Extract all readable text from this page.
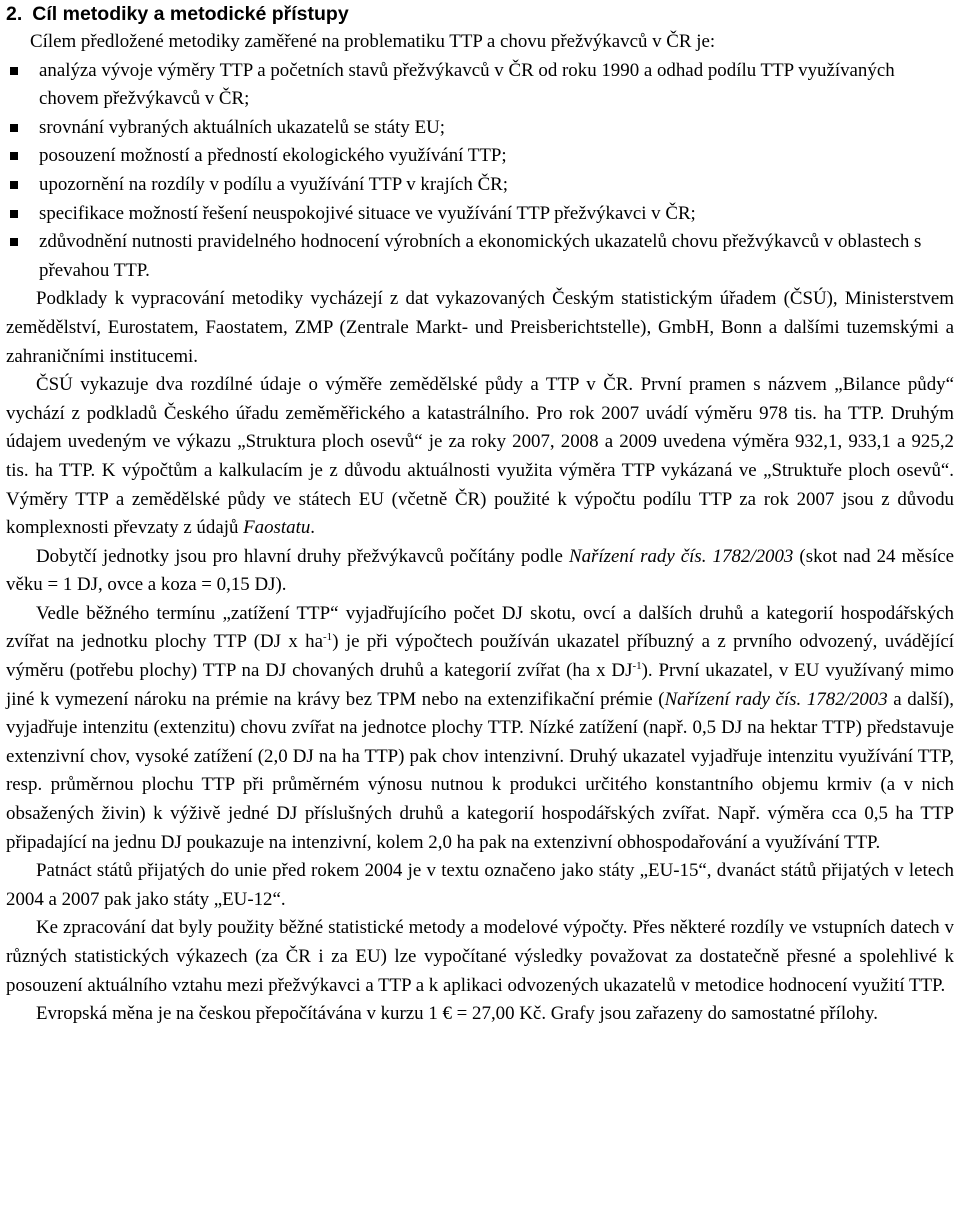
2. Cíl metodiky a metodické přístupy

Cílem předložené metodiky zaměřené na problematiku TTP a chovu přežvýkavců v ČR je:

analýza vývoje výměry TTP a početních stavů přežvýkavců v ČR od roku 1990 a odhad podílu TTP využívaných chovem přežvýkavců v ČR;
srovnání vybraných aktuálních ukazatelů se státy EU;
posouzení možností a předností ekologického využívání TTP;
upozornění na rozdíly v podílu a využívání TTP v krajích ČR;
specifikace možností řešení neuspokojivé situace ve využívání TTP přežvýkavci v ČR;
zdůvodnění nutnosti pravidelného hodnocení výrobních a ekonomických ukazatelů chovu přežvýkavců v oblastech s převahou TTP.

Podklady k vypracování metodiky vycházejí z dat vykazovaných Českým statistickým úřadem (ČSÚ), Ministerstvem zemědělství, Eurostatem, Faostatem, ZMP (Zentrale Markt- und Preisberichtstelle), GmbH, Bonn a dalšími tuzemskými a zahraničními institucemi.

ČSÚ vykazuje dva rozdílné údaje o výměře zemědělské půdy a TTP v ČR. První pramen s názvem „Bilance půdy“ vychází z podkladů Českého úřadu zeměměřického a katastrálního. Pro rok 2007 uvádí výměru 978 tis. ha TTP. Druhým údajem uvedeným ve výkazu „Struktura ploch osevů“ je za roky 2007, 2008 a 2009 uvedena výměra 932,1, 933,1 a 925,2 tis. ha TTP. K výpočtům a kalkulacím je z důvodu aktuálnosti využita výměra TTP vykázaná ve „Struktuře ploch osevů“. Výměry TTP a zemědělské půdy ve státech EU (včetně ČR) použité k výpočtu podílu TTP za rok 2007 jsou z důvodu komplexnosti převzaty z údajů Faostatu.

Dobytčí jednotky jsou pro hlavní druhy přežvýkavců počítány podle Nařízení rady čís. 1782/2003 (skot nad 24 měsíce věku = 1 DJ, ovce a koza = 0,15 DJ).

Vedle běžného termínu „zatížení TTP“ vyjadřujícího počet DJ skotu, ovcí a dalších druhů a kategorií hospodářských zvířat na jednotku plochy TTP (DJ x $ha^{-1}$) je při výpočtech používán ukazatel příbuzný a z prvního odvozený, uvádějící výměru (potřebu plochy) TTP na DJ chovaných druhů a kategorií zvířat (ha x $DJ^{-1}$). První ukazatel, v EU využívaný mimo jiné k vymezení nároku na prémie na krávy bez TPM nebo na extenzifikační prémie (Nařízení rady čís. 1782/2003 a další), vyjadřuje intenzitu (extenzitu) chovu zvířat na jednotce plochy TTP. Nízké zatížení (např. 0,5 DJ na hektar TTP) představuje extenzivní chov, vysoké zatížení (2,0 DJ na ha TTP) pak chov intenzivní. Druhý ukazatel vyjadřuje intenzitu využívání TTP, resp. průměrnou plochu TTP při průměrném výnosu nutnou k produkci určitého konstantního objemu krmiv (a v nich obsažených živin) k výživě jedné DJ příslušných druhů a kategorií hospodářských zvířat. Např. výměra cca 0,5 ha TTP připadající na jednu DJ poukazuje na intenzivní, kolem 2,0 ha pak na extenzivní obhospodařování a využívání TTP.

Patnáct států přijatých do unie před rokem 2004 je v textu označeno jako státy „EU-15“, dvanáct států přijatých v letech 2004 a 2007 pak jako státy „EU-12“.

Ke zpracování dat byly použity běžné statistické metody a modelové výpočty. Přes některé rozdíly ve vstupních datech v různých statistických výkazech (za ČR i za EU) lze vypočítané výsledky považovat za dostatečně přesné a spolehlivé k posouzení aktuálního vztahu mezi přežvýkavci a TTP a k aplikaci odvozených ukazatelů v metodice hodnocení využití TTP.

Evropská měna je na českou přepočítávána v kurzu 1 € = 27,00 Kč. Grafy jsou zařazeny do samostatné přílohy.
